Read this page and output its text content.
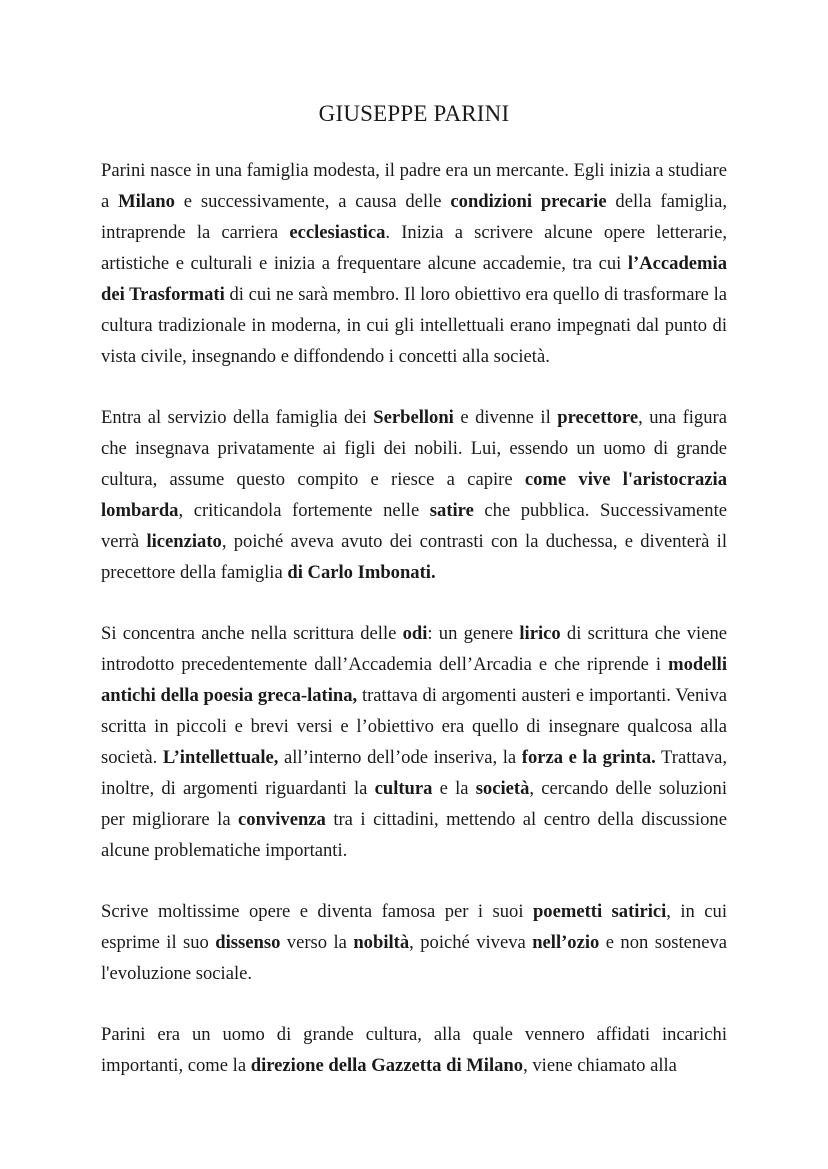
GIUSEPPE PARINI

Parini nasce in una famiglia modesta, il padre era un mercante. Egli inizia a studiare a Milano e successivamente, a causa delle condizioni precarie della famiglia, intraprende la carriera ecclesiastica. Inizia a scrivere alcune opere letterarie, artistiche e culturali e inizia a frequentare alcune accademie, tra cui l’Accademia dei Trasformati di cui ne sarà membro. Il loro obiettivo era quello di trasformare la cultura tradizionale in moderna, in cui gli intellettuali erano impegnati dal punto di vista civile, insegnando e diffondendo i concetti alla società.

Entra al servizio della famiglia dei Serbelloni e divenne il precettore, una figura che insegnava privatamente ai figli dei nobili. Lui, essendo un uomo di grande cultura, assume questo compito e riesce a capire come vive l'aristocrazia lombarda, criticandola fortemente nelle satire che pubblica. Successivamente verrà licenziato, poiché aveva avuto dei contrasti con la duchessa, e diventerà il precettore della famiglia di Carlo Imbonati.

Si concentra anche nella scrittura delle odi: un genere lirico di scrittura che viene introdotto precedentemente dall’Accademia dell’Arcadia e che riprende i modelli antichi della poesia greca-latina, trattava di argomenti austeri e importanti. Veniva scritta in piccoli e brevi versi e l’obiettivo era quello di insegnare qualcosa alla società. L’intellettuale, all’interno dell’ode inseriva, la forza e la grinta. Trattava, inoltre, di argomenti riguardanti la cultura e la società, cercando delle soluzioni per migliorare la convivenza tra i cittadini, mettendo al centro della discussione alcune problematiche importanti.

Scrive moltissime opere e diventa famosa per i suoi poemetti satirici, in cui esprime il suo dissenso verso la nobiltà, poiché viveva nell’ozio e non sosteneva l'evoluzione sociale.

Parini era un uomo di grande cultura, alla quale vennero affidati incarichi importanti, come la direzione della Gazzetta di Milano, viene chiamato alla
